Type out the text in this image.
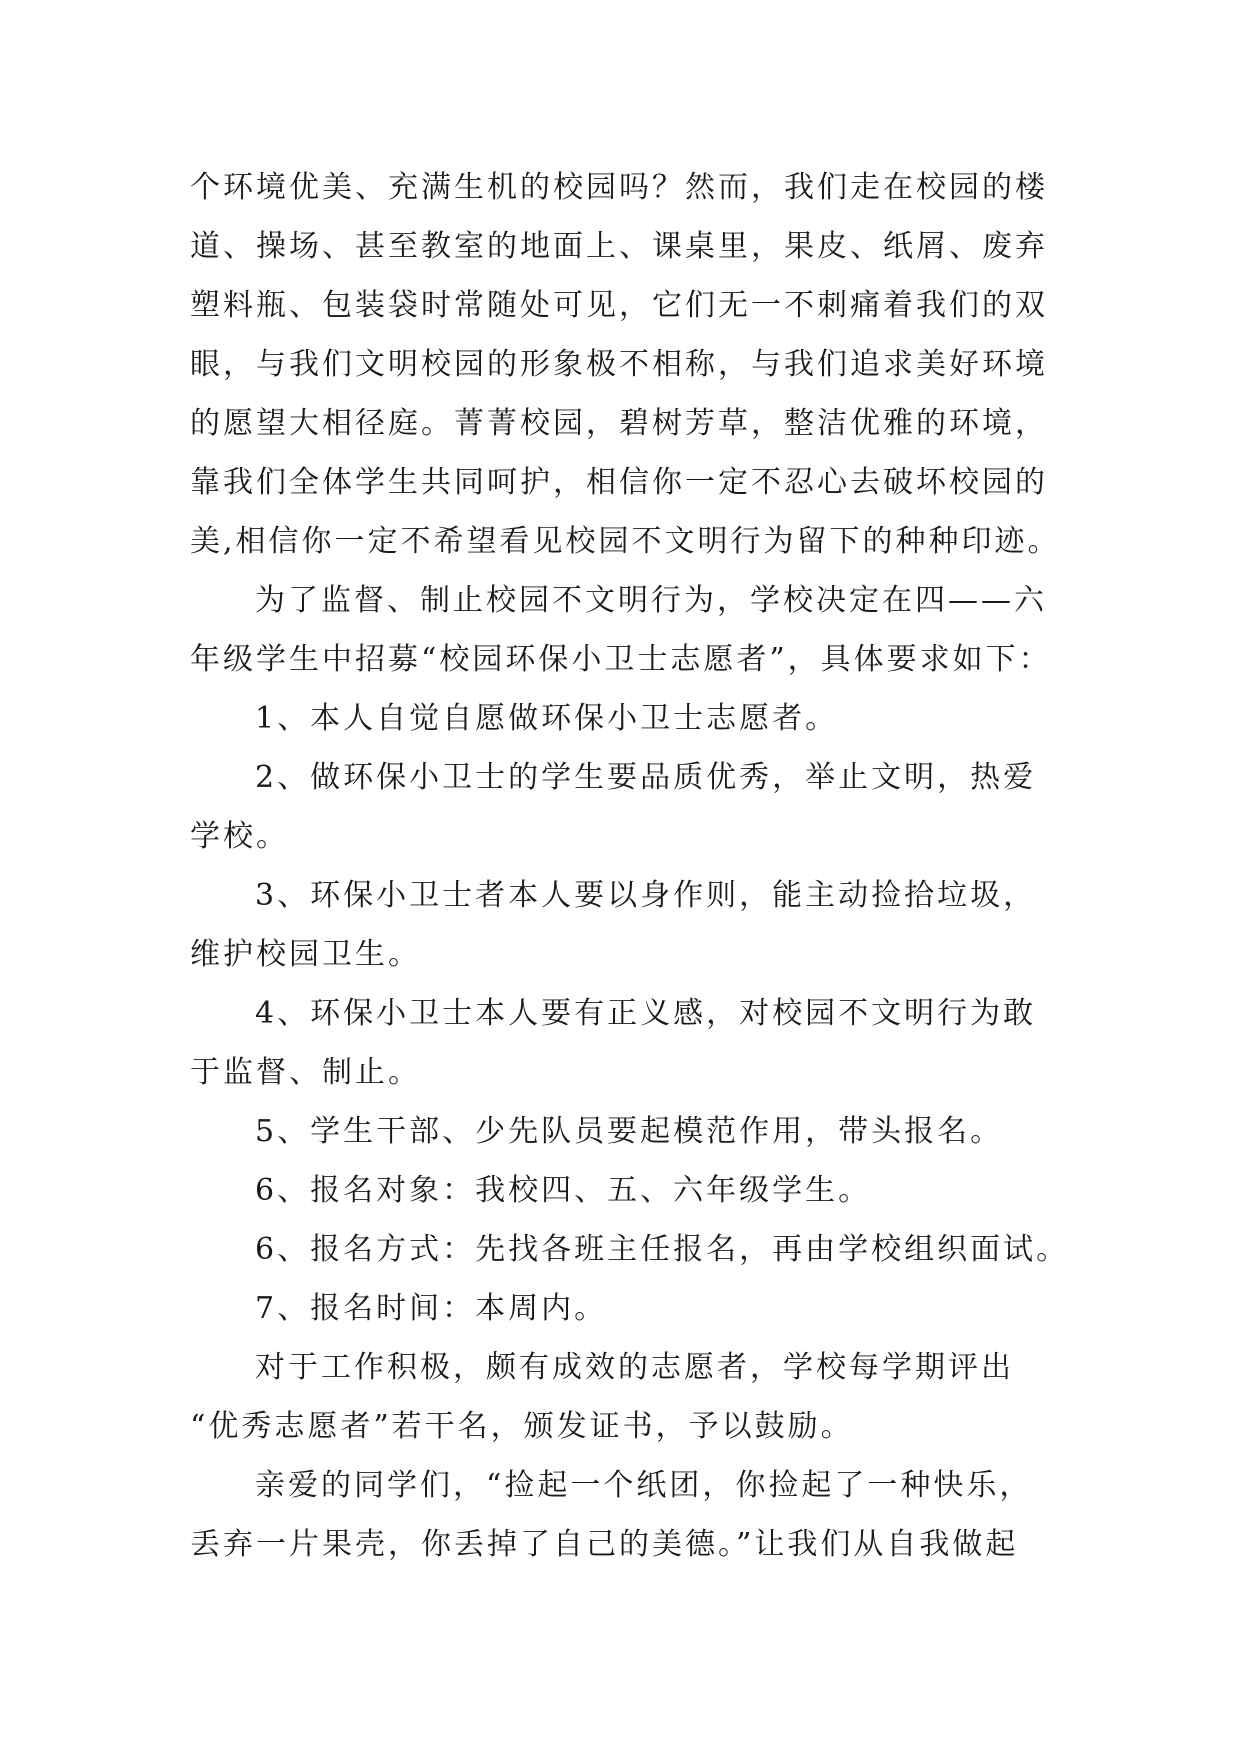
个环境优美、充满生机的校园吗？然而，我们走在校园的楼
道、操场、甚至教室的地面上、课桌里，果皮、纸屑、废弃
塑料瓶、包装袋时常随处可见，它们无一不刺痛着我们的双
眼，与我们文明校园的形象极不相称，与我们追求美好环境
的愿望大相径庭。菁菁校园，碧树芳草，整洁优雅的环境，
靠我们全体学生共同呵护，相信你一定不忍心去破坏校园的
美,相信你一定不希望看见校园不文明行为留下的种种印迹。
为了监督、制止校园不文明行为，学校决定在四——六
年级学生中招募“校园环保小卫士志愿者”，具体要求如下：
1、本人自觉自愿做环保小卫士志愿者。
2、做环保小卫士的学生要品质优秀，举止文明，热爱
学校。
3、环保小卫士者本人要以身作则，能主动捡拾垃圾，
维护校园卫生。
4、环保小卫士本人要有正义感，对校园不文明行为敢
于监督、制止。
5、学生干部、少先队员要起模范作用，带头报名。
6、报名对象：我校四、五、六年级学生。
6、报名方式：先找各班主任报名，再由学校组织面试。
7、报名时间：本周内。
对于工作积极，颇有成效的志愿者，学校每学期评出
“优秀志愿者”若干名，颁发证书，予以鼓励。
亲爱的同学们，“捡起一个纸团，你捡起了一种快乐，
丢弃一片果壳，你丢掉了自己的美德。”让我们从自我做起
